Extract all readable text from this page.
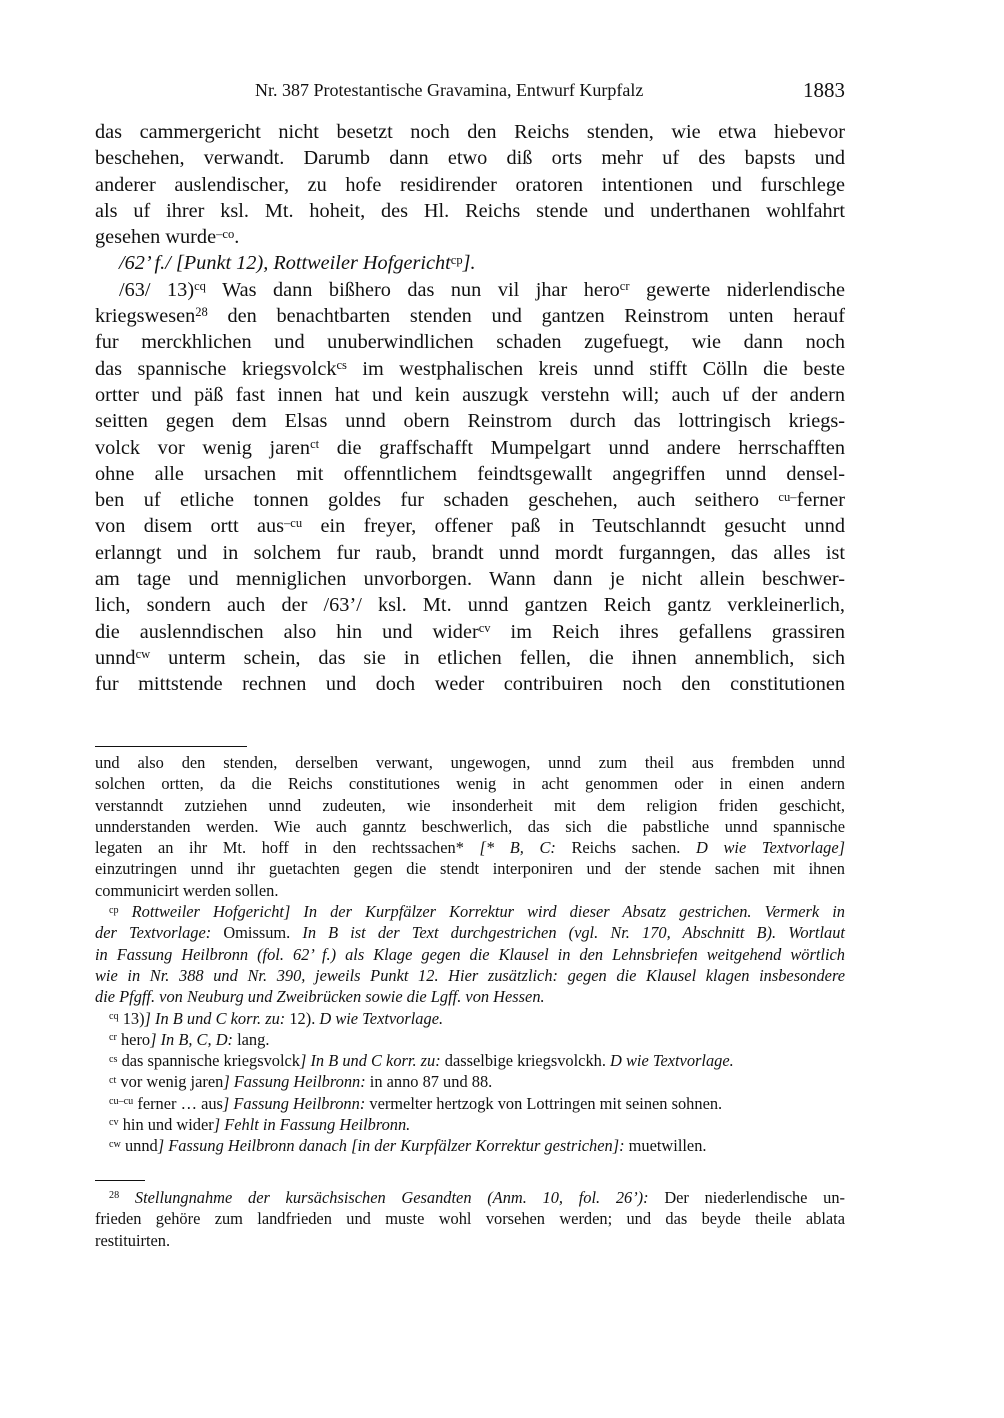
Nr. 387 Protestantische Gravamina, Entwurf Kurpfalz	1883
das cammergericht nicht besetzt noch den Reichs stenden, wie etwa hiebevor
beschehen, verwandt. Darumb dann etwo diß orts mehr uf des bapsts und
anderer auslendischer, zu hofe residirender oratoren intentionen und furschlege
als uf ihrer ksl. Mt. hoheit, des Hl. Reichs stende und underthanen wohlfahrt
gesehen wurde$^{-co}$.
/62’ f./ [Punkt 12), Rottweiler Hofgericht$^{cp}$].
/63/ 13)$^{cq}$ Was dann bißhero das nun vil jhar hero$^{cr}$ gewerte niderlendische
kriegswesen$^{28}$ den benachtbarten stenden und gantzen Reinstrom unten herauf
fur merckhlichen und unuberwindlichen schaden zugefuegt, wie dann noch
das spannische kriegsvolck$^{cs}$ im westphalischen kreis unnd stifft Cölln die beste
ortter und päß fast innen hat und kein auszugk verstehn will; auch uf der andern
seitten gegen dem Elsas unnd obern Reinstrom durch das lottringisch kriegs-
volck vor wenig jaren$^{ct}$ die graffschafft Mumpelgart unnd andere herrschafften
ohne alle ursachen mit offenntlichem feindtsgewallt angegriffen unnd densel-
ben uf etliche tonnen goldes fur schaden geschehen, auch seithero $^{cu-}$ferner
von disem ortt aus$^{-cu}$ ein freyer, offener paß in Teutschlanndt gesucht unnd
erlanngt und in solchem fur raub, brandt unnd mordt furganngen, das alles ist
am tage und menniglichen unvorborgen. Wann dann je nicht allein beschwer-
lich, sondern auch der /63’/ ksl. Mt. unnd gantzen Reich gantz verkleinerlich,
die auslenndischen also hin und wider$^{cv}$ im Reich ihres gefallens grassiren
unnd$^{cw}$ unterm schein, das sie in etlichen fellen, die ihnen annemblich, sich
fur mittstende rechnen und doch weder contribuiren noch den constitutionen
und also den stenden, derselben verwant, ungewogen, unnd zum theil aus frembden unnd
solchen ortten, da die Reichs constitutiones wenig in acht genommen oder in einen andern
verstanndt zutziehen unnd zudeuten, wie insonderheit mit dem religion friden geschicht,
unnderstanden werden. Wie auch ganntz beschwerlich, das sich die pabstliche unnd spannische
legaten an ihr Mt. hoff in den rechtssachen* [* B, C: Reichs sachen. D wie Textvorlage]
einzutringen unnd ihr guetachten gegen die stendt interponiren und der stende sachen mit ihnen
communicirt werden sollen.
$^{cp}$ Rottweiler Hofgericht] In der Kurpfälzer Korrektur wird dieser Absatz gestrichen. Vermerk in
der Textvorlage: Omissum. In B ist der Text durchgestrichen (vgl. Nr. 170, Abschnitt B). Wortlaut
in Fassung Heilbronn (fol. 62’ f.) als Klage gegen die Klausel in den Lehnsbriefen weitgehend wörtlich
wie in Nr. 388 und Nr. 390, jeweils Punkt 12. Hier zusätzlich: gegen die Klausel klagen insbesondere
die Pfgff. von Neuburg und Zweibrücken sowie die Lgff. von Hessen.
$^{cq}$ 13)] In B und C korr. zu: 12). D wie Textvorlage.
$^{cr}$ hero] In B, C, D: lang.
$^{cs}$ das spannische kriegsvolck] In B und C korr. zu: dasselbige kriegsvolckh. D wie Textvorlage.
$^{ct}$ vor wenig jaren] Fassung Heilbronn: in anno 87 und 88.
$^{cu-cu}$ ferner … aus] Fassung Heilbronn: vermelter hertzogk von Lottringen mit seinen sohnen.
$^{cv}$ hin und wider] Fehlt in Fassung Heilbronn.
$^{cw}$ unnd] Fassung Heilbronn danach [in der Kurpfälzer Korrektur gestrichen]: muetwillen.
$^{28}$ Stellungnahme der kursächsischen Gesandten (Anm. 10, fol. 26’): Der niederlendische un-
frieden gehöre zum landfrieden und muste wohl vorsehen werden; und das beyde theile ablata
restituirten.
